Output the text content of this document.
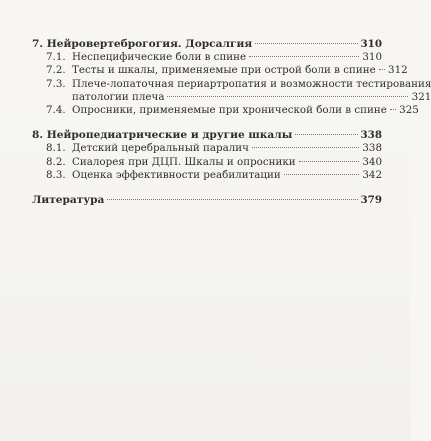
7. Нейровертеброгогия. Дорсалгия	310
7.1. Неспецифические боли в спине	310
7.2. Тесты и шкалы, применяемые при острой боли в спине 312
7.3. Плече-лопаточная периартропатия и возможности тестирования
патологии плеча	321
7.4. Опросники, применяемые при хронической боли в спине 325
8. Нейропедиатрические и другие шкалы	338
8.1. Детский церебральный паралич	338
8.2. Сиалорея при ДЦП. Шкалы и опросники	340
8.3. Оценка эффективности реабилитации	342
Литература	379
